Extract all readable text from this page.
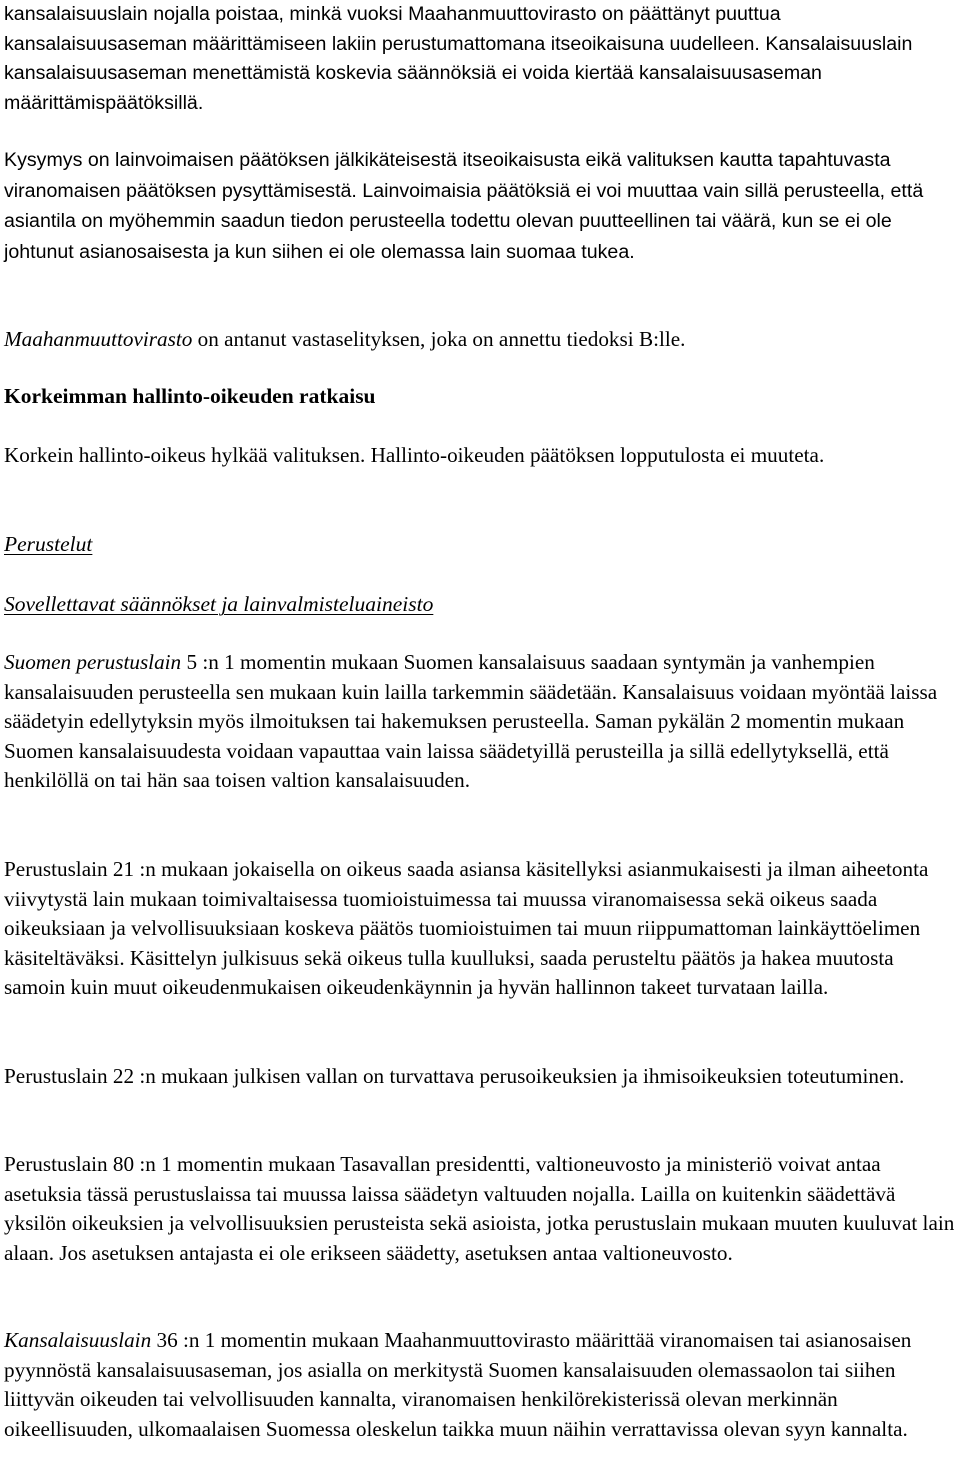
kansalaisuuslain nojalla poistaa, minkä vuoksi Maahanmuuttovirasto on päättänyt puuttua kansalaisuusaseman määrittämiseen lakiin perustumattomana itseoikaisuna uudelleen. Kansalaisuuslain kansalaisuusaseman menettämistä koskevia säännöksiä ei voida kiertää kansalaisuusaseman määrittämispäätöksillä.

Kysymys on lainvoimaisen päätöksen jälkikäteisestä itseoikaisusta eikä valituksen kautta tapahtuvasta viranomaisen päätöksen pysyttämisestä. Lainvoimaisia päätöksiä ei voi muuttaa vain sillä perusteella, että asiantila on myöhemmin saadun tiedon perusteella todettu olevan puutteellinen tai väärä, kun se ei ole johtunut asianosaisesta ja kun siihen ei ole olemassa lain suomaa tukea.

Maahanmuuttovirasto on antanut vastaselityksen, joka on annettu tiedoksi B:lle.

Korkeimman hallinto-oikeuden ratkaisu

Korkein hallinto-oikeus hylkää valituksen. Hallinto-oikeuden päätöksen lopputulosta ei muuteta.

Perustelut

Sovellettavat säännökset ja lainvalmisteluaineisto

Suomen perustuslain 5 :n 1 momentin mukaan Suomen kansalaisuus saadaan syntymän ja vanhempien kansalaisuuden perusteella sen mukaan kuin lailla tarkemmin säädetään. Kansalaisuus voidaan myöntää laissa säädetyin edellytyksin myös ilmoituksen tai hakemuksen perusteella. Saman pykälän 2 momentin mukaan Suomen kansalaisuudesta voidaan vapauttaa vain laissa säädetyillä perusteilla ja sillä edellytyksellä, että henkilöllä on tai hän saa toisen valtion kansalaisuuden.

Perustuslain 21 :n mukaan jokaisella on oikeus saada asiansa käsitellyksi asianmukaisesti ja ilman aiheetonta viivytystä lain mukaan toimivaltaisessa tuomioistuimessa tai muussa viranomaisessa sekä oikeus saada oikeuksiaan ja velvollisuuksiaan koskeva päätös tuomioistuimen tai muun riippumattoman lainkäyttöelimen käsiteltäväksi. Käsittelyn julkisuus sekä oikeus tulla kuulluksi, saada perusteltu päätös ja hakea muutosta samoin kuin muut oikeudenmukaisen oikeudenkäynnin ja hyvän hallinnon takeet turvataan lailla.

Perustuslain 22 :n mukaan julkisen vallan on turvattava perusoikeuksien ja ihmisoikeuksien toteutuminen.

Perustuslain 80 :n 1 momentin mukaan Tasavallan presidentti, valtioneuvosto ja ministeriö voivat antaa asetuksia tässä perustuslaissa tai muussa laissa säädetyn valtuuden nojalla. Lailla on kuitenkin säädettävä yksilön oikeuksien ja velvollisuuksien perusteista sekä asioista, jotka perustuslain mukaan muuten kuuluvat lain alaan. Jos asetuksen antajasta ei ole erikseen säädetty, asetuksen antaa valtioneuvosto.

Kansalaisuuslain 36 :n 1 momentin mukaan Maahanmuuttovirasto määrittää viranomaisen tai asianosaisen pyynnöstä kansalaisuusaseman, jos asialla on merkitystä Suomen kansalaisuuden olemassaolon tai siihen liittyvän oikeuden tai velvollisuuden kannalta, viranomaisen henkilörekisterissä olevan merkinnän oikeellisuuden, ulkomaalaisen Suomessa oleskelun taikka muun näihin verrattavissa olevan syyn kannalta.
